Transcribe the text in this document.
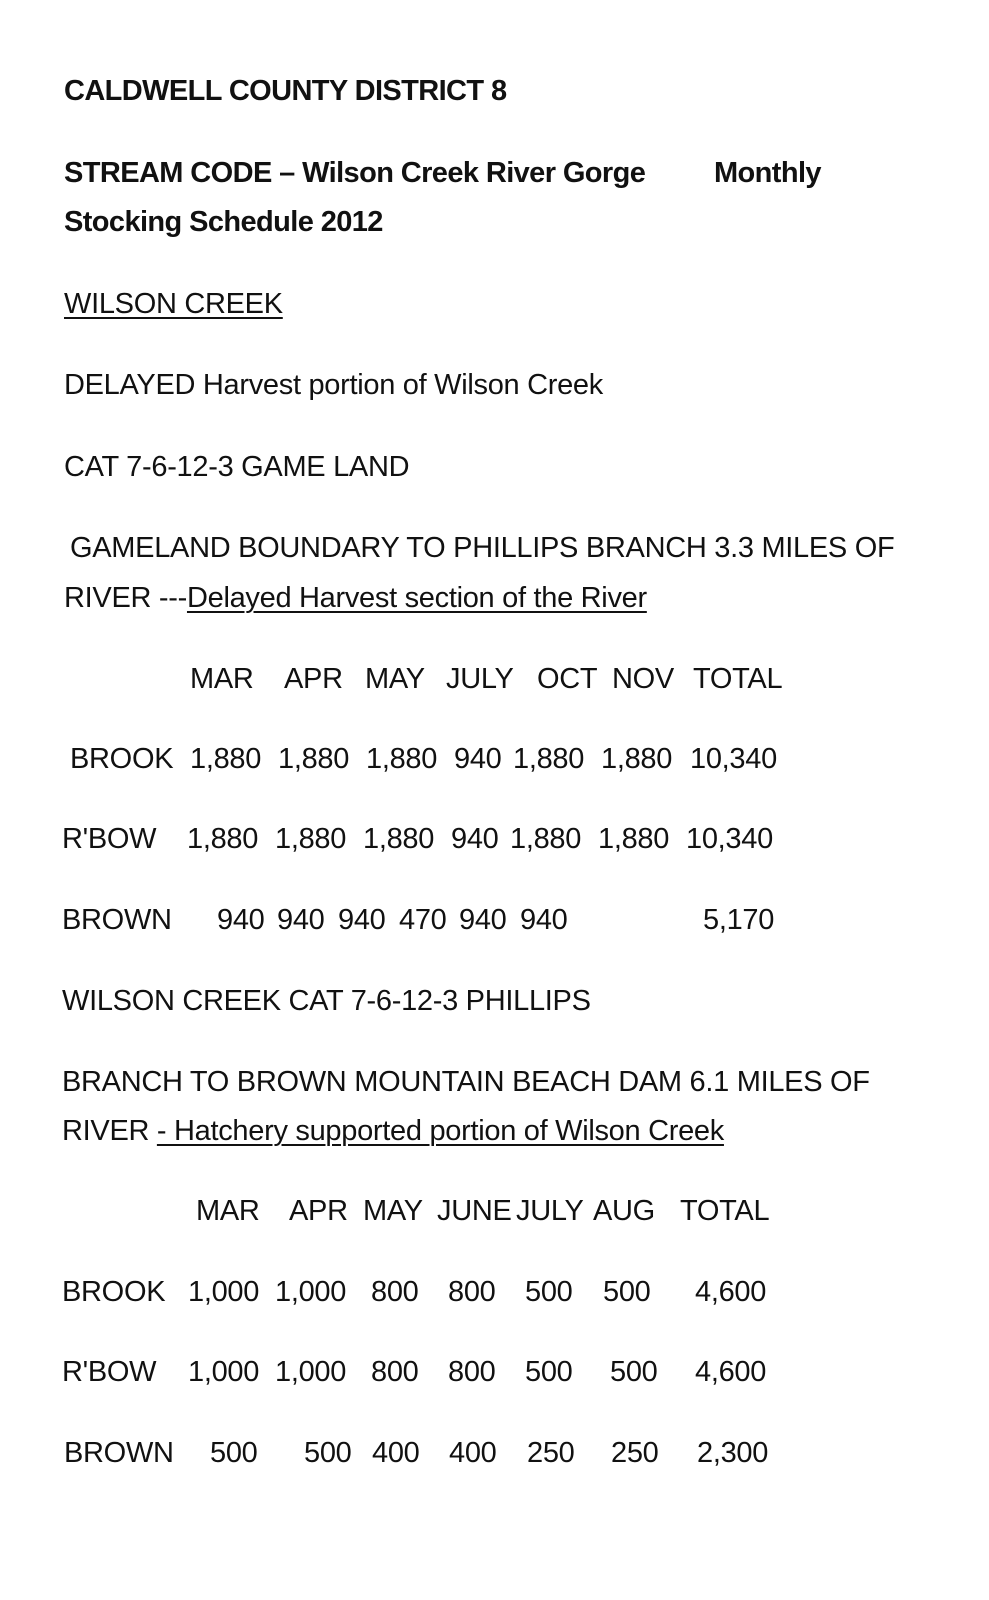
CALDWELL COUNTY DISTRICT 8
STREAM CODE – Wilson Creek River Gorge Monthly
Stocking Schedule 2012
WILSON CREEK
DELAYED Harvest portion of Wilson Creek
CAT 7-6-12-3 GAME LAND
GAMELAND BOUNDARY TO PHILLIPS BRANCH 3.3 MILES OF
RIVER ---Delayed Harvest section of the River
MAR APR MAY JULY OCT NOV TOTAL
BROOK 1,880 1,880 1,880 940 1,880 1,880 10,340
R'BOW 1,880 1,880 1,880 940 1,880 1,880 10,340
BROWN 940 940 940 470 940 940	5,170
WILSON CREEK CAT 7-6-12-3 PHILLIPS
BRANCH TO BROWN MOUNTAIN BEACH DAM 6.1 MILES OF
RIVER - Hatchery supported portion of Wilson Creek
MAR APR MAY JUNE JULY AUG TOTAL
BROOK 1,000 1,000 800 800 500 500 4,600
R'BOW 1,000 1,000 800 800 500 500 4,600
BROWN 500 500 400 400 250 250 2,300
